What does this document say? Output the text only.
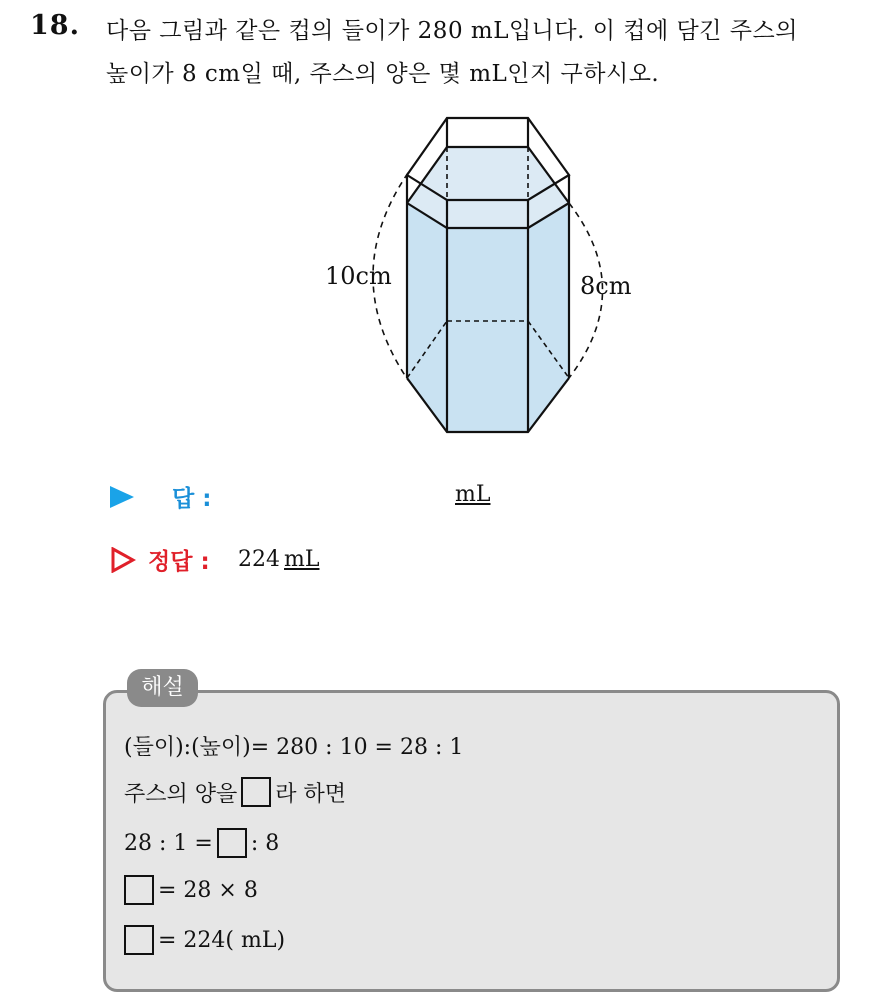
18. 다음 그림과 같은 컵의 들이가 280 mL입니다. 이 컵에 담긴 주스의
높이가 8 cm일 때, 주스의 양은 몇 mL인지 구하시오.
10cm	8cm
답 :	mL
정답 : 224 mL
해설
(들이):(높이)= 280 : 10 = 28 : 1
주스의 양을 라 하면
28 : 1 = : 8
= 28 × 8
= 224( mL)
